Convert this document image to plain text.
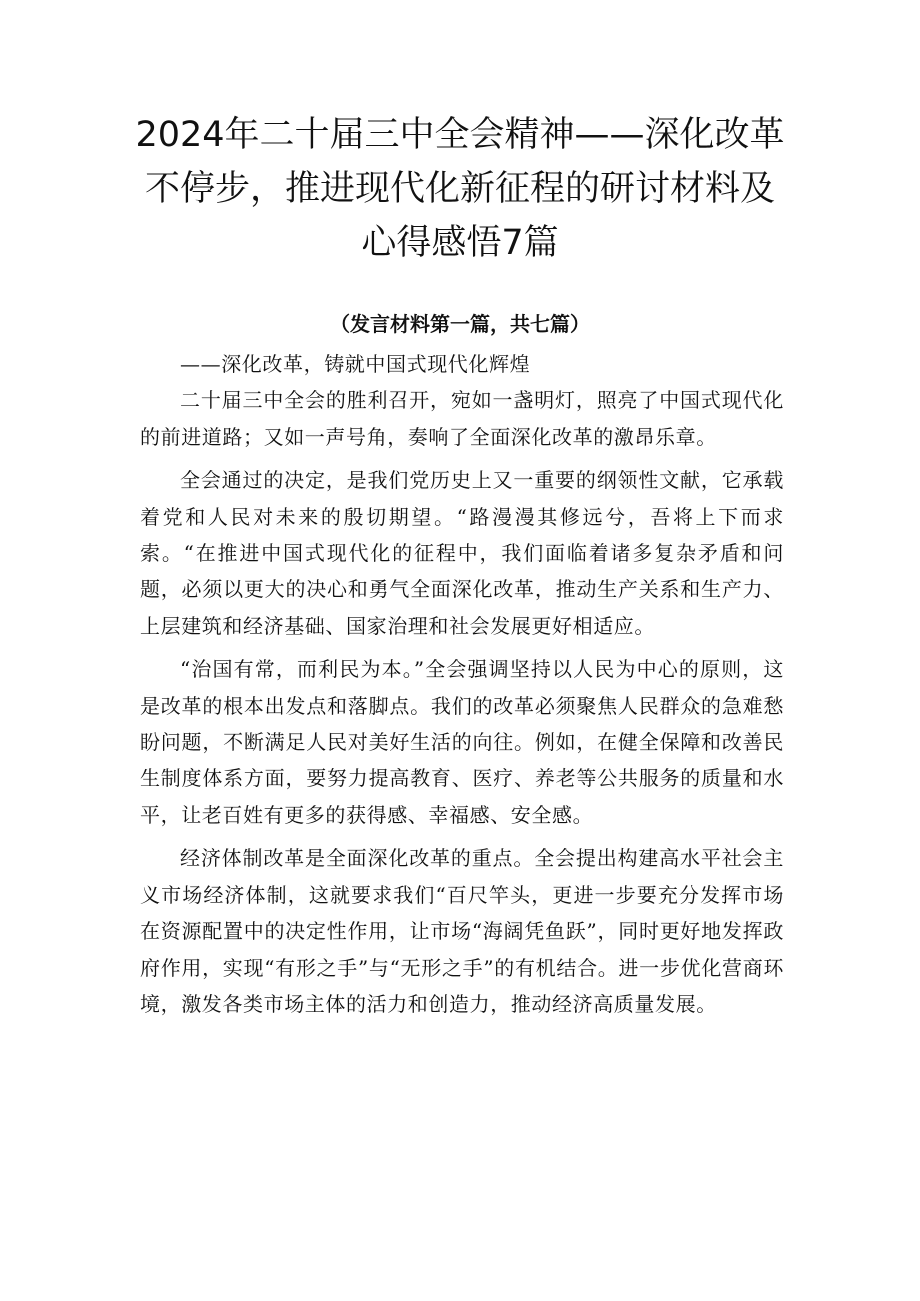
2024年二十届三中全会精神——深化改革
不停步，推进现代化新征程的研讨材料及
心得感悟7篇
（发言材料第一篇，共七篇）

——深化改革，铸就中国式现代化辉煌

二十届三中全会的胜利召开，宛如一盏明灯，照亮了中国式现代化的前进道路；又如一声号角，奏响了全面深化改革的激昂乐章。

全会通过的决定，是我们党历史上又一重要的纲领性文献，它承载着党和人民对未来的殷切期望。“路漫漫其修远兮，吾将上下而求索。“在推进中国式现代化的征程中，我们面临着诸多复杂矛盾和问题，必须以更大的决心和勇气全面深化改革，推动生产关系和生产力、上层建筑和经济基础、国家治理和社会发展更好相适应。

“治国有常，而利民为本。”全会强调坚持以人民为中心的原则，这是改革的根本出发点和落脚点。我们的改革必须聚焦人民群众的急难愁盼问题，不断满足人民对美好生活的向往。例如，在健全保障和改善民生制度体系方面，要努力提高教育、医疗、养老等公共服务的质量和水平，让老百姓有更多的获得感、幸福感、安全感。

经济体制改革是全面深化改革的重点。全会提出构建高水平社会主义市场经济体制，这就要求我们“百尺竿头，更进一步要充分发挥市场在资源配置中的决定性作用，让市场“海阔凭鱼跃”，同时更好地发挥政府作用，实现“有形之手”与“无形之手”的有机结合。进一步优化营商环境，激发各类市场主体的活力和创造力，推动经济高质量发展。
